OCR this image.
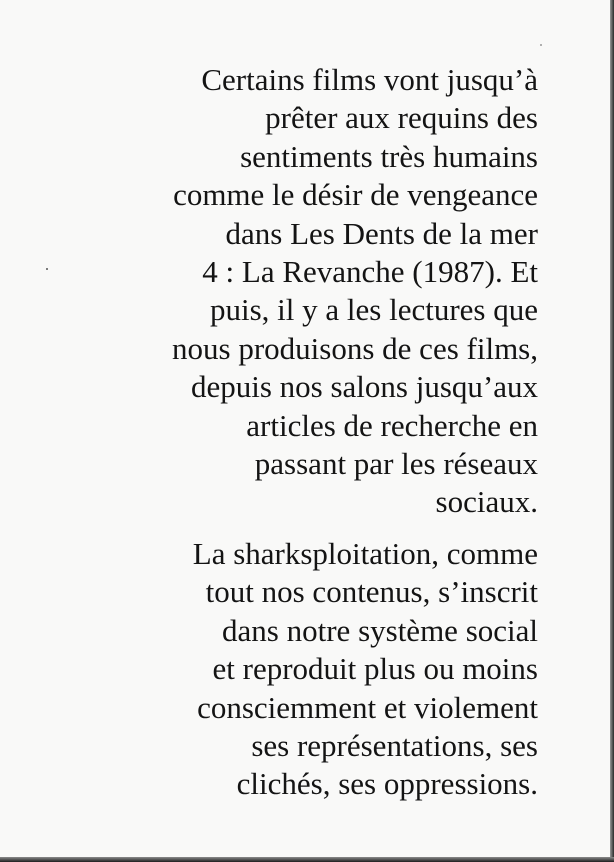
Certains films vont jusqu’à
prêter aux requins des
sentiments très humains
comme le désir de vengeance
dans Les Dents de la mer
4 : La Revanche (1987). Et
puis, il y a les lectures que
nous produisons de ces films,
depuis nos salons jusqu’aux
articles de recherche en
passant par les réseaux
sociaux.

La sharksploitation, comme
tout nos contenus, s’inscrit
dans notre système social
et reproduit plus ou moins
consciemment et violement
ses représentations, ses
clichés, ses oppressions.
